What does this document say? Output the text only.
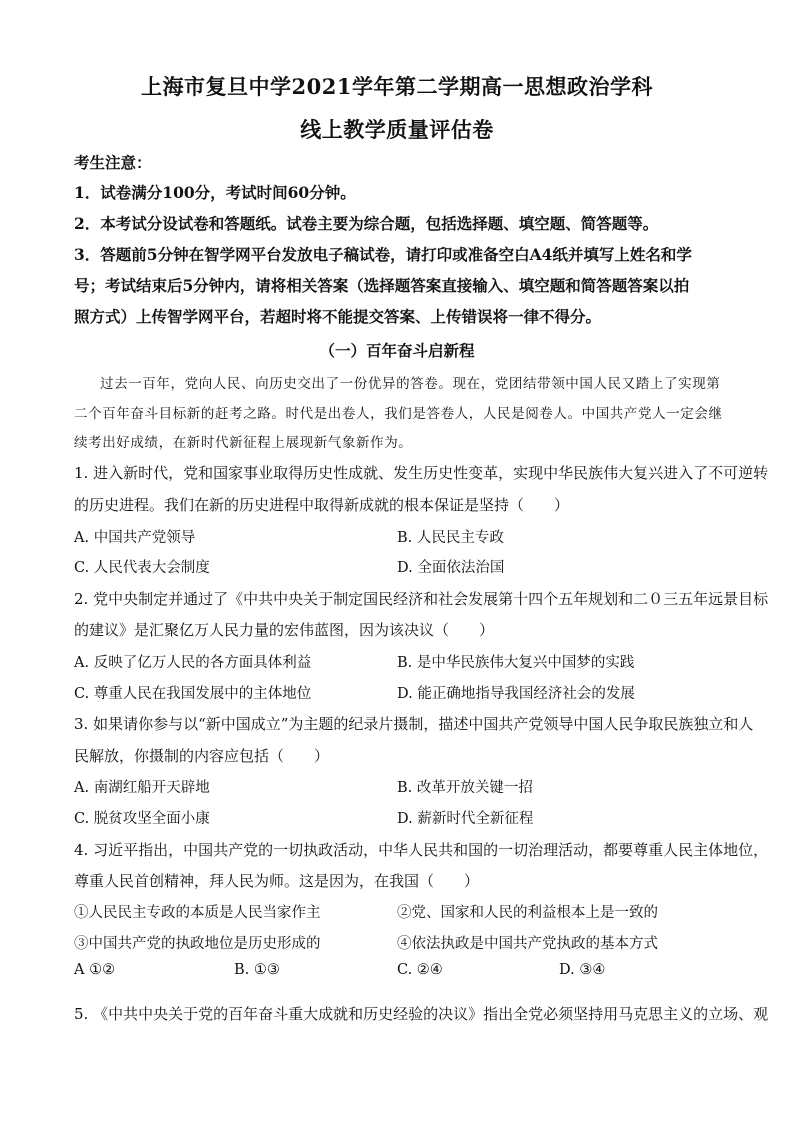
上海市复旦中学2021学年第二学期高一思想政治学科
线上教学质量评估卷
考生注意：
1．试卷满分100分，考试时间60分钟。
2．本考试分设试卷和答题纸。试卷主要为综合题，包括选择题、填空题、简答题等。
3．答题前5分钟在智学网平台发放电子稿试卷，请打印或准备空白A4纸并填写上姓名和学
号；考试结束后5分钟内，请将相关答案（选择题答案直接输入、填空题和简答题答案以拍
照方式）上传智学网平台，若超时将不能提交答案、上传错误将一律不得分。
（一）百年奋斗启新程
过去一百年，党向人民、向历史交出了一份优异的答卷。现在，党团结带领中国人民又踏上了实现第
二个百年奋斗目标新的赶考之路。时代是出卷人，我们是答卷人，人民是阅卷人。中国共产党人一定会继
续考出好成绩，在新时代新征程上展现新气象新作为。
1. 进入新时代，党和国家事业取得历史性成就、发生历史性变革，实现中华民族伟大复兴进入了不可逆转
的历史进程。我们在新的历史进程中取得新成就的根本保证是坚持（　　）
A. 中国共产党领导	B. 人民民主专政
C. 人民代表大会制度	D. 全面依法治国
2. 党中央制定并通过了《中共中央关于制定国民经济和社会发展第十四个五年规划和二０三五年远景目标
的建议》是汇聚亿万人民力量的宏伟蓝图，因为该决议（　　）
A. 反映了亿万人民的各方面具体利益	B. 是中华民族伟大复兴中国梦的实践
C. 尊重人民在我国发展中的主体地位	D. 能正确地指导我国经济社会的发展
3. 如果请你参与以“新中国成立”为主题的纪录片摄制，描述中国共产党领导中国人民争取民族独立和人
民解放，你摄制的内容应包括（　　）
A. 南湖红船开天辟地	B. 改革开放关键一招
C. 脱贫攻坚全面小康	D. 薪新时代全新征程
4. 习近平指出，中国共产党的一切执政活动，中华人民共和国的一切治理活动，都要尊重人民主体地位，
尊重人民首创精神，拜人民为师。这是因为，在我国（　　）
①人民民主专政的本质是人民当家作主	②党、国家和人民的利益根本上是一致的
③中国共产党的执政地位是历史形成的	④依法执政是中国共产党执政的基本方式
A ①②	B. ①③	C. ②④	D. ③④
5. 《中共中央关于党的百年奋斗重大成就和历史经验的决议》指出全党必须坚持用马克思主义的立场、观
